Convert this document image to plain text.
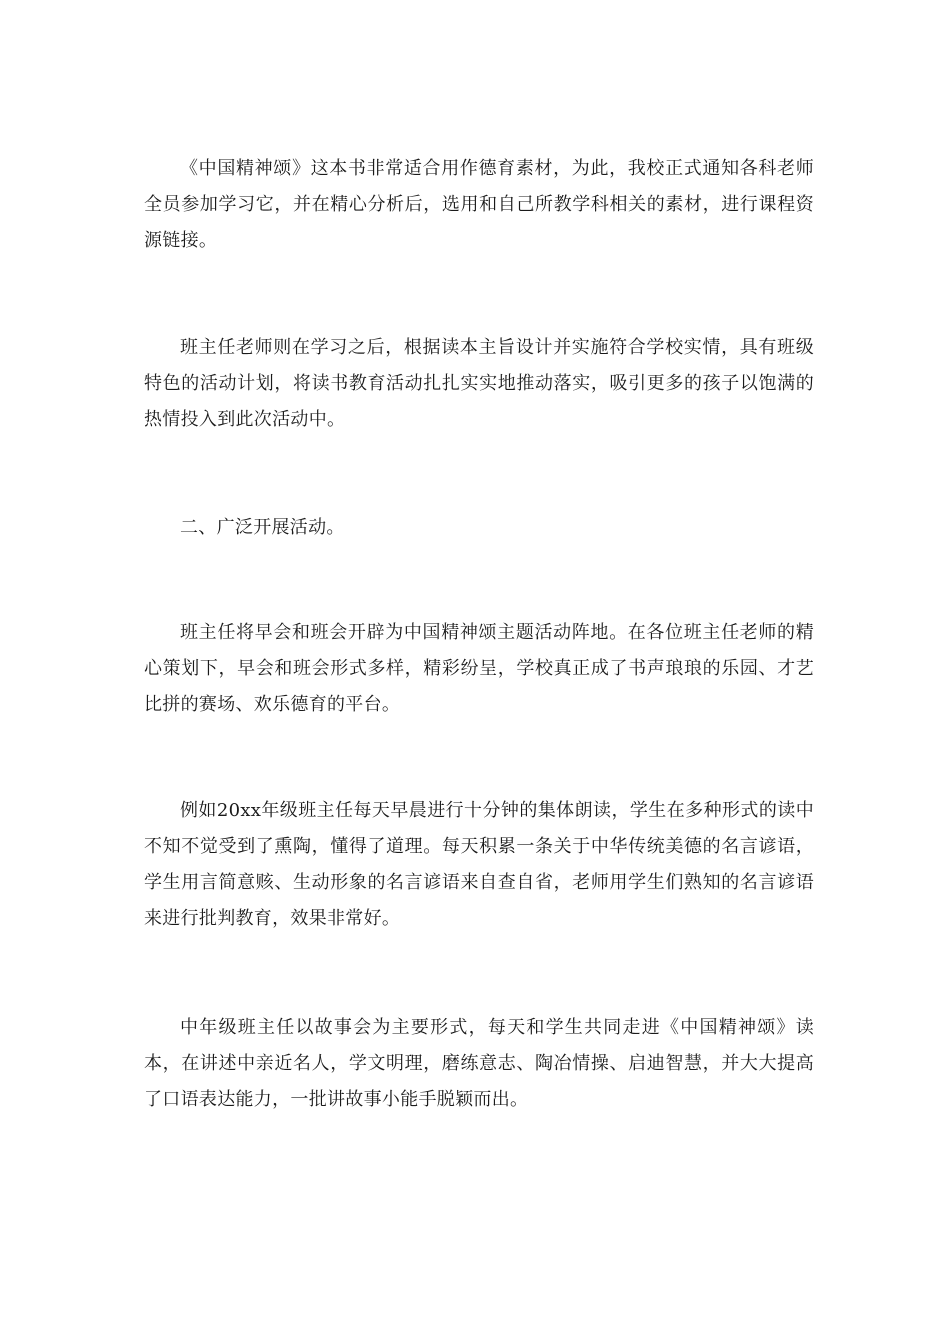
《中国精神颂》这本书非常适合用作德育素材，为此，我校正式通知各科老师全员参加学习它，并在精心分析后，选用和自己所教学科相关的素材，进行课程资源链接。

班主任老师则在学习之后，根据读本主旨设计并实施符合学校实情，具有班级特色的活动计划，将读书教育活动扎扎实实地推动落实，吸引更多的孩子以饱满的热情投入到此次活动中。

二、广泛开展活动。

班主任将早会和班会开辟为中国精神颂主题活动阵地。在各位班主任老师的精心策划下，早会和班会形式多样，精彩纷呈，学校真正成了书声琅琅的乐园、才艺比拼的赛场、欢乐德育的平台。

例如20xx年级班主任每天早晨进行十分钟的集体朗读，学生在多种形式的读中不知不觉受到了熏陶，懂得了道理。每天积累一条关于中华传统美德的名言谚语，学生用言简意赅、生动形象的名言谚语来自查自省，老师用学生们熟知的名言谚语来进行批判教育，效果非常好。

中年级班主任以故事会为主要形式，每天和学生共同走进《中国精神颂》读本，在讲述中亲近名人，学文明理，磨练意志、陶冶情操、启迪智慧，并大大提高了口语表达能力，一批讲故事小能手脱颖而出。
